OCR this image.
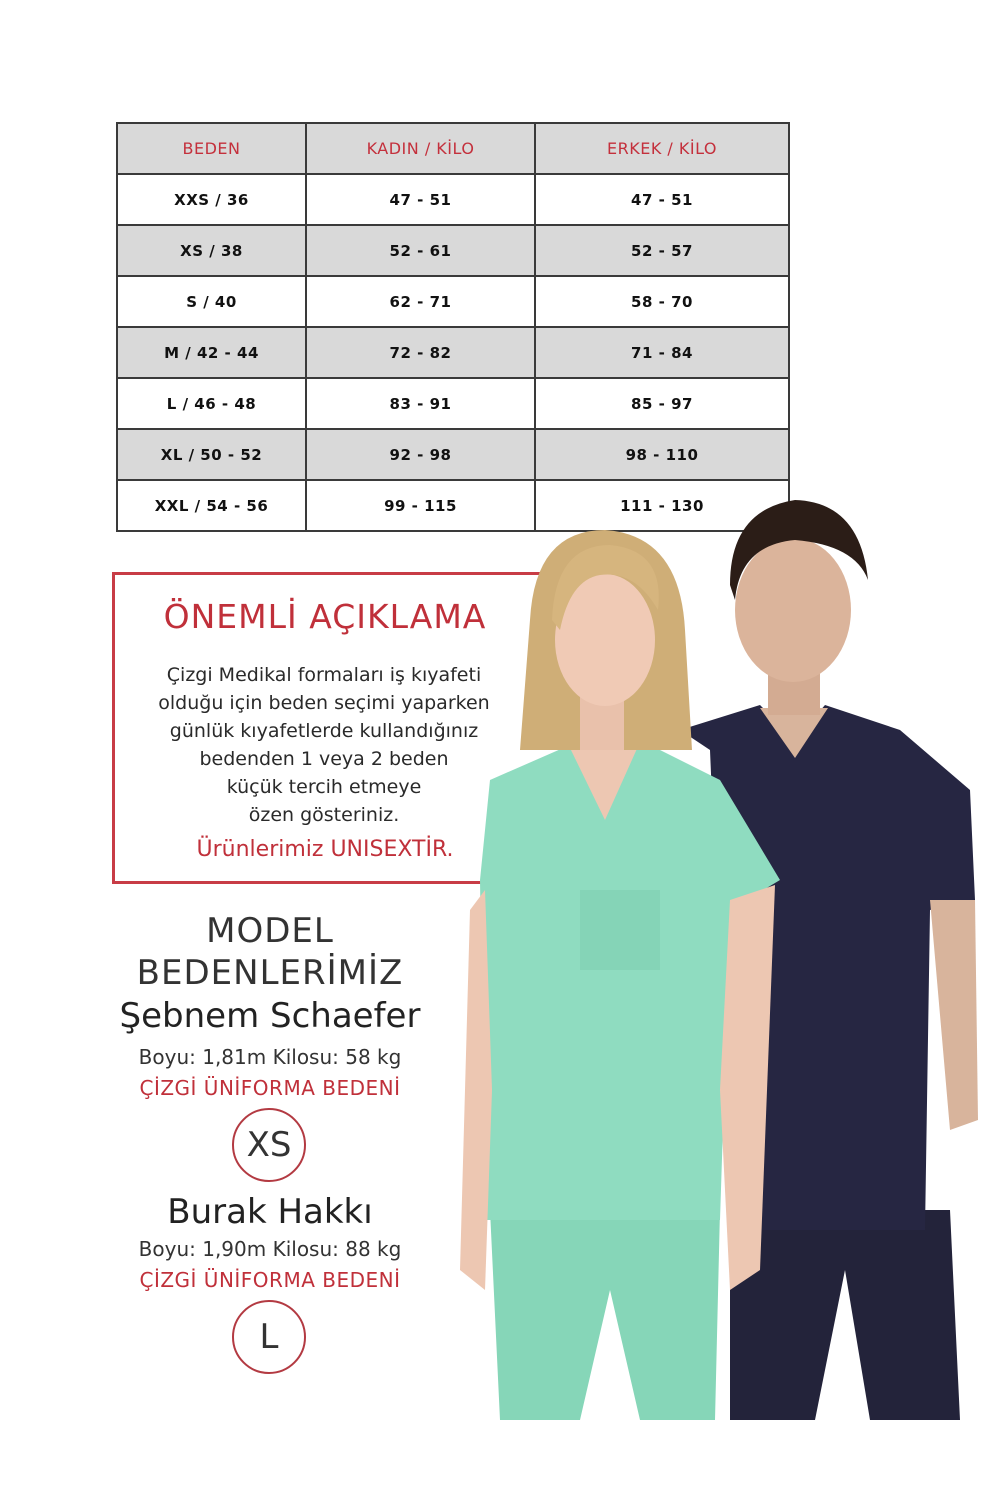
BEDEN	KADIN / KİLO	ERKEK / KİLO
XXS / 36	47 - 51	47 - 51
XS / 38	52 - 61	52 - 57
S / 40	62 - 71	58 - 70
M / 42 - 44	72 - 82	71 - 84
L / 46 - 48	83 - 91	85 - 97
XL / 50 - 52	92 - 98	98 - 110
XXL / 54 - 56	99 - 115	111 - 130
ÖNEMLİ AÇIKLAMA
Çizgi Medikal formaları iş kıyafeti
olduğu için beden seçimi yaparken
günlük kıyafetlerde kullandığınız
bedenden 1 veya 2 beden
küçük tercih etmeye
özen gösteriniz.
Ürünlerimiz UNISEXTİR.
MODEL
BEDENLERİMİZ
Şebnem Schaefer
Boyu: 1,81m Kilosu: 58 kg
ÇİZGİ ÜNİFORMA BEDENİ
XS
Burak Hakkı
Boyu: 1,90m Kilosu: 88 kg
ÇİZGİ ÜNİFORMA BEDENİ
L
